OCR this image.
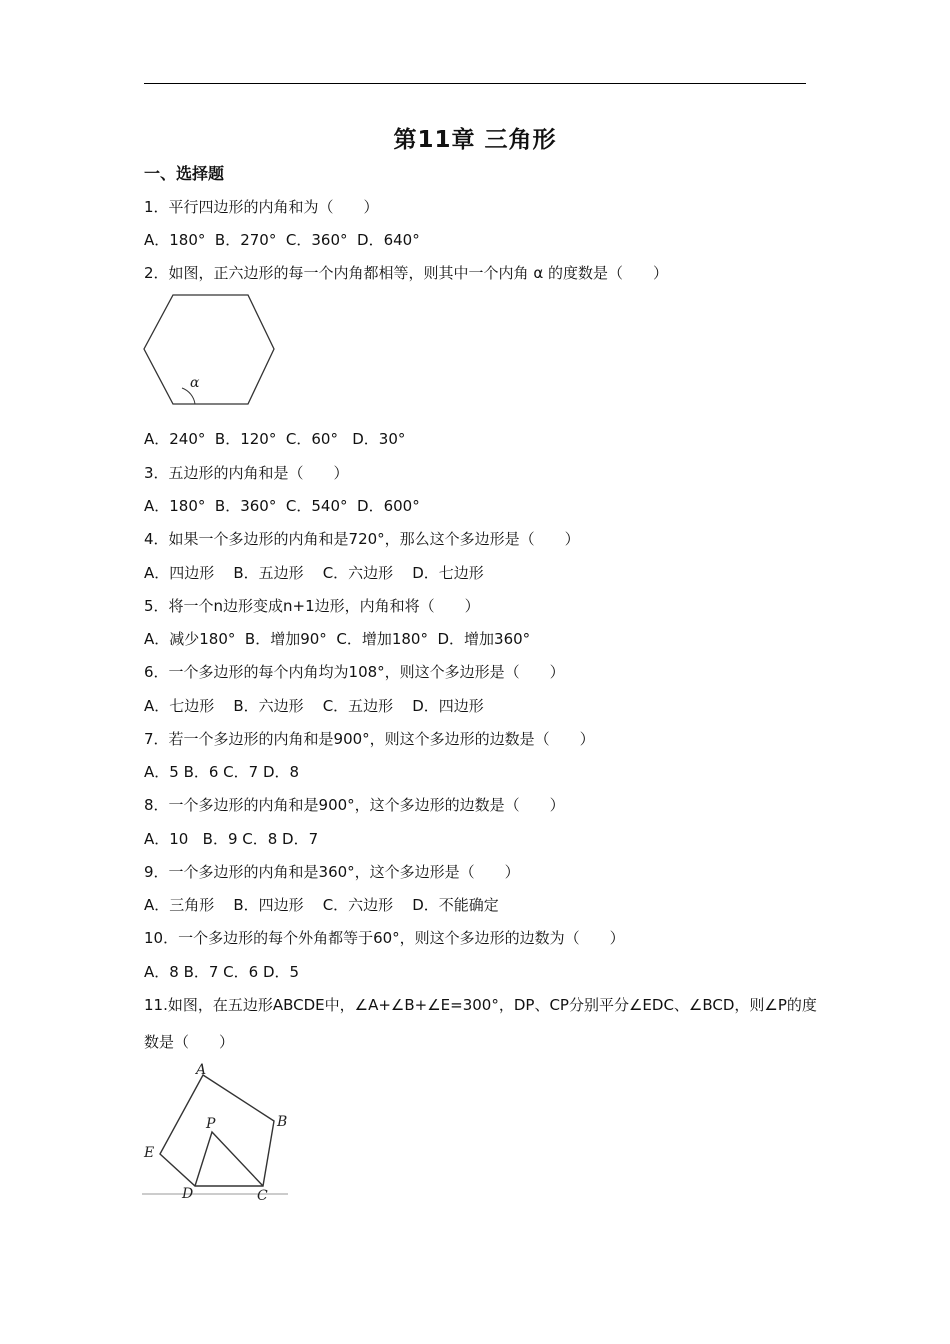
第11章 三角形
一、选择题
1．平行四边形的内角和为（　　）
A．180°  B．270°  C．360°  D．640°
2．如图，正六边形的每一个内角都相等，则其中一个内角 α 的度数是（　　）
α
A．240°  B．120°  C．60°   D．30°
3．五边形的内角和是（　　）
A．180°  B．360°  C．540°  D．600°
4．如果一个多边形的内角和是720°，那么这个多边形是（　　）
A．四边形    B．五边形    C．六边形    D．七边形
5．将一个n边形变成n+1边形，内角和将（　　）
A．减少180°  B．增加90°  C．增加180°  D．增加360°
6．一个多边形的每个内角均为108°，则这个多边形是（　　）
A．七边形    B．六边形    C．五边形    D．四边形
7．若一个多边形的内角和是900°，则这个多边形的边数是（　　）
A．5 B．6 C．7 D．8
8．一个多边形的内角和是900°，这个多边形的边数是（　　）
A．10   B．9 C．8 D．7
9．一个多边形的内角和是360°，这个多边形是（　　）
A．三角形    B．四边形    C．六边形    D．不能确定
10．一个多边形的每个外角都等于60°，则这个多边形的边数为（　　）
A．8 B．7 C．6 D．5
11.如图，在五边形ABCDE中，∠A+∠B+∠E=300°，DP、CP分别平分∠EDC、∠BCD，则∠P的度
数是（　　）
A
B
C
D
E
P
